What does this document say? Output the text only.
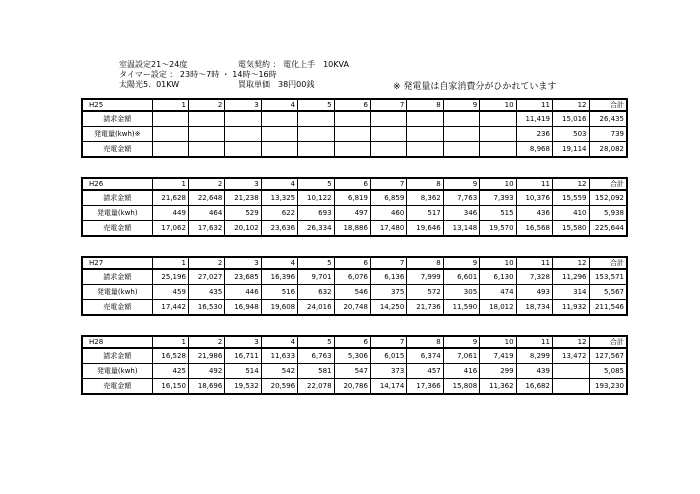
室温設定21～24度	電気契約 ： 電化上手　10KVA
タイマー設定 ： 23時～7時 ・ 14時～16時
太陽光5．01KW	買取単価　38円00銭	※ 発電量は自家消費分がひかれています
H25	1	2	3	4	5	6	7	8	9	10	11	12	合計
請求金額											11,419	15,016	26,435
発電量(kwh)※											236	503	739
売電金額											8,968	19,114	28,082
H26	1	2	3	4	5	6	7	8	9	10	11	12	合計
請求金額	21,628	22,648	21,238	13,325	10,122	6,819	6,859	8,362	7,763	7,393	10,376	15,559	152,092
発電量(kwh)	449	464	529	622	693	497	460	517	346	515	436	410	5,938
売電金額	17,062	17,632	20,102	23,636	26,334	18,886	17,480	19,646	13,148	19,570	16,568	15,580	225,644
H27	1	2	3	4	5	6	7	8	9	10	11	12	合計
請求金額	25,196	27,027	23,685	16,396	9,701	6,076	6,136	7,999	6,601	6,130	7,328	11,296	153,571
発電量(kwh)	459	435	446	516	632	546	375	572	305	474	493	314	5,567
売電金額	17,442	16,530	16,948	19,608	24,016	20,748	14,250	21,736	11,590	18,012	18,734	11,932	211,546
H28	1	2	3	4	5	6	7	8	9	10	11	12	合計
請求金額	16,528	21,986	16,711	11,633	6,763	5,306	6,015	6,374	7,061	7,419	8,299	13,472	127,567
発電量(kwh)	425	492	514	542	581	547	373	457	416	299	439		5,085
売電金額	16,150	18,696	19,532	20,596	22,078	20,786	14,174	17,366	15,808	11,362	16,682		193,230
